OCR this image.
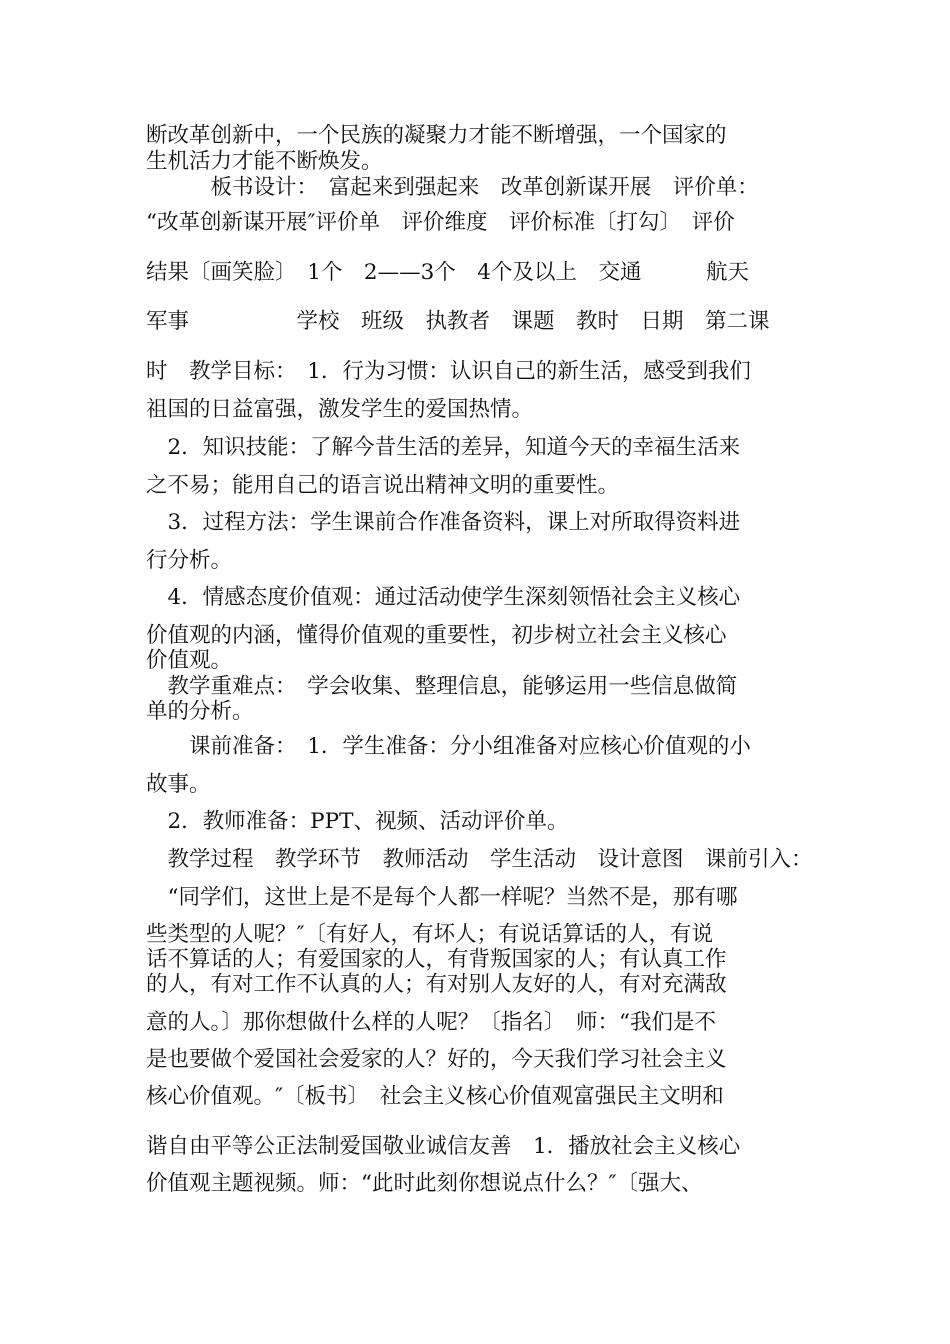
断改革创新中，一个民族的凝聚力才能不断增强，一个国家的
生机活力才能不断焕发。
　　　板书设计：　富起来到强起来　改革创新谋开展　评价单：
“改革创新谋开展″评价单　评价维度　评价标准〔打勾〕　评价
结果〔画笑脸〕　1个　2——3个　4个及以上　交通　　　航天
军事　　　　　学校　班级　执教者　课题　教时　日期　第二课
时　教学目标：　1．行为习惯：认识自己的新生活，感受到我们
祖国的日益富强，激发学生的爱国热情。
　2．知识技能：了解今昔生活的差异，知道今天的幸福生活来
之不易；能用自己的语言说出精神文明的重要性。
　3．过程方法：学生课前合作准备资料，课上对所取得资料进
行分析。
　4．情感态度价值观：通过活动使学生深刻领悟社会主义核心
价值观的内涵，懂得价值观的重要性，初步树立社会主义核心
价值观。
　教学重难点：　学会收集、整理信息，能够运用一些信息做简
单的分析。
　　课前准备：　1．学生准备：分小组准备对应核心价值观的小
故事。
　2．教师准备：PPT、视频、活动评价单。
　教学过程　教学环节　教师活动　学生活动　设计意图　课前引入：
　“同学们，这世上是不是每个人都一样呢？当然不是，那有哪
些类型的人呢？″〔有好人，有坏人；有说话算话的人，有说
话不算话的人；有爱国家的人，有背叛国家的人；有认真工作
的人，有对工作不认真的人；有对别人友好的人，有对充满敌
意的人。〕那你想做什么样的人呢？〔指名〕　师：“我们是不
是也要做个爱国社会爱家的人？好的，今天我们学习社会主义
核心价值观。″〔板书〕　社会主义核心价值观富强民主文明和
谐自由平等公正法制爱国敬业诚信友善　1．播放社会主义核心
价值观主题视频。师：“此时此刻你想说点什么？″〔强大、
